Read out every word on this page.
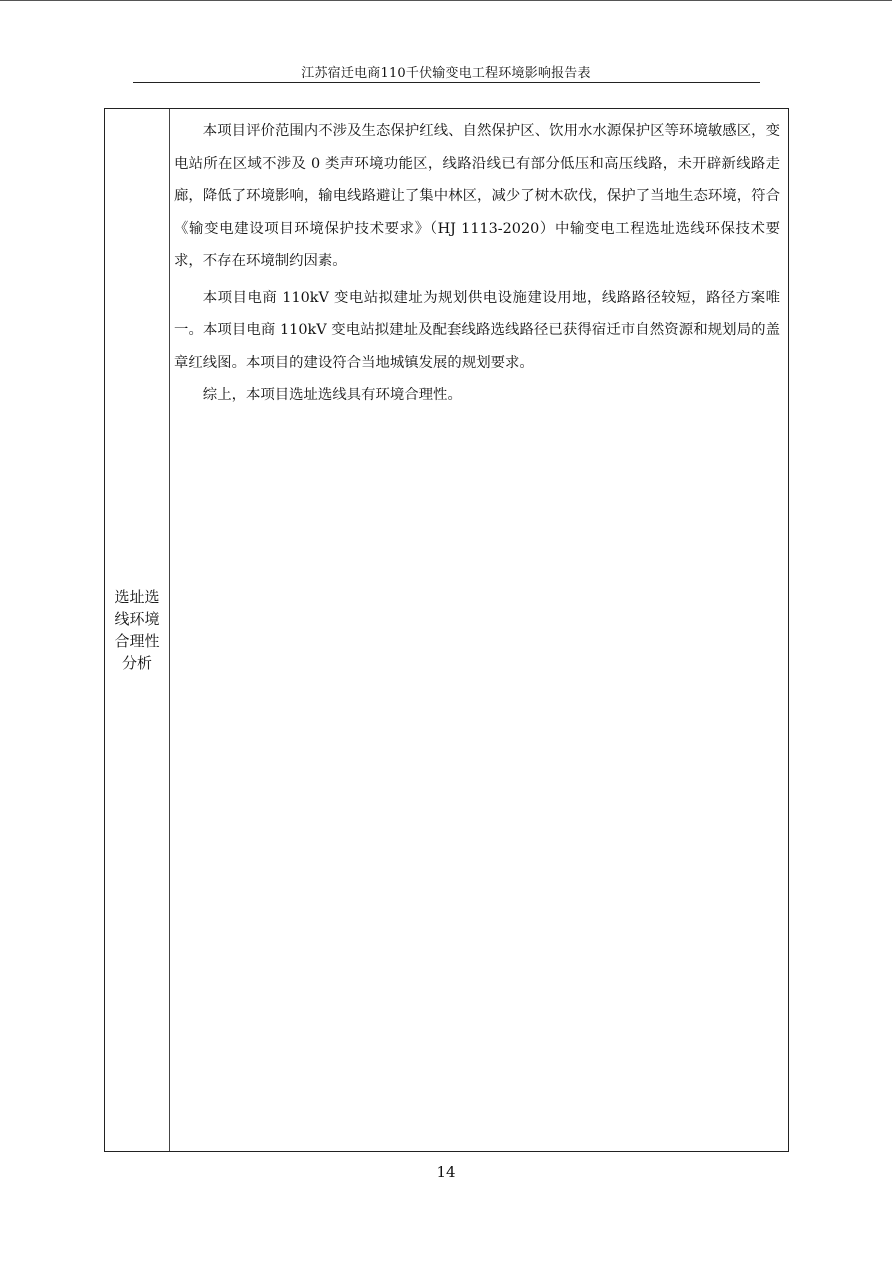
江苏宿迁电商110千伏输变电工程环境影响报告表
选址选线环境合理性分析

本项目评价范围内不涉及生态保护红线、自然保护区、饮用水水源保护区等环境敏感区，变电站所在区域不涉及 0 类声环境功能区，线路沿线已有部分低压和高压线路，未开辟新线路走廊，降低了环境影响，输电线路避让了集中林区，减少了树木砍伐，保护了当地生态环境，符合《输变电建设项目环境保护技术要求》（HJ 1113-2020）中输变电工程选址选线环保技术要求，不存在环境制约因素。

本项目电商 110kV 变电站拟建址为规划供电设施建设用地，线路路径较短，路径方案唯一。本项目电商 110kV 变电站拟建址及配套线路选线路径已获得宿迁市自然资源和规划局的盖章红线图。本项目的建设符合当地城镇发展的规划要求。

综上，本项目选址选线具有环境合理性。

14
